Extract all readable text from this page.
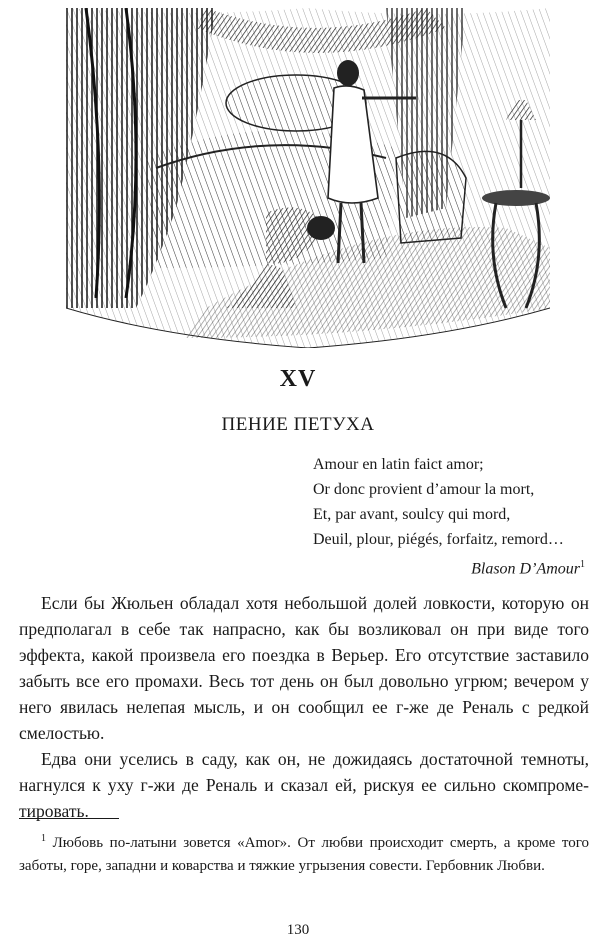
XV
ПЕНИЕ ПЕТУХА
Amour en latin faict amor;
Or donc provient d’amour la mort,
Et, par avant, soulcy qui mord,
Deuil, plour, piégés, forfaitz, remord…
Blason D’Amour$^1$

Если бы Жюльен обладал хотя небольшой долей ловкости, которую он предполагал в себе так напрасно, как бы возликовал он при виде того эффекта, какой произвела его поездка в Верьер. Его отсутствие заставило забыть все его промахи. Весь тот день он был довольно угрюм; вечером у него явилась нелепая мысль, и он сообщил ее г-же де Реналь с редкой смелостью.

Едва они уселись в саду, как он, не дожидаясь достаточной темноты, нагнулся к уху г-жи де Реналь и сказал ей, рискуя ее сильно скомпрометировать.

$^1$ Любовь по-латыни зовется «Amor». От любви происходит смерть, а кроме того заботы, горе, западни и коварства и тяжкие угрызения совести. Гербовник Любви.
130
